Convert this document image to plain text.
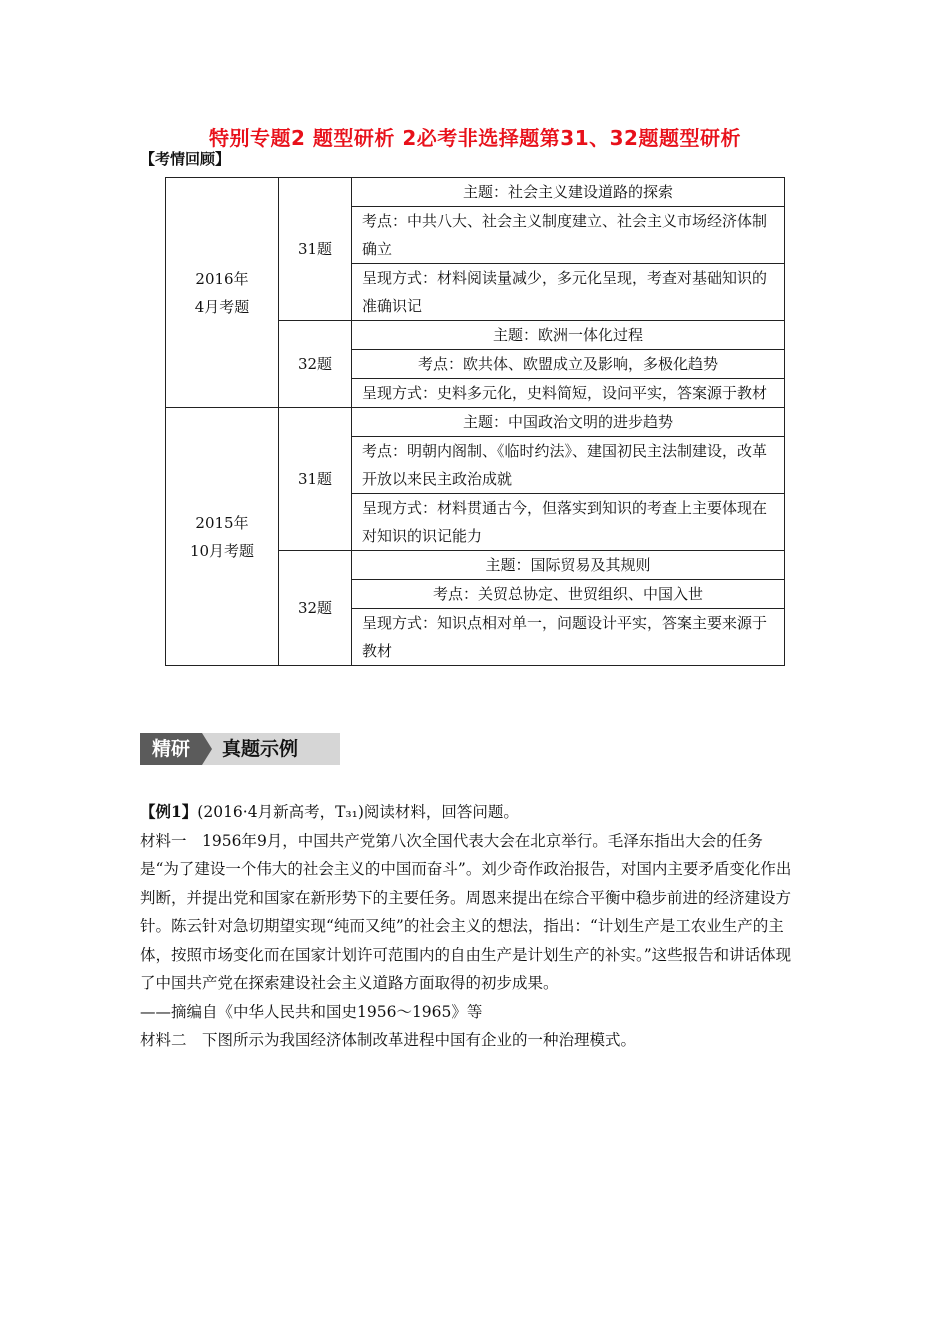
特别专题2 题型研析 2必考非选择题第31、32题题型研析
【考情回顾】
2016年
4月考题	31题	主题：社会主义建设道路的探索
		考点：中共八大、社会主义制度建立、社会主义市场经济体制确立
		呈现方式：材料阅读量减少，多元化呈现，考查对基础知识的准确识记
	32题	主题：欧洲一体化过程
		考点：欧共体、欧盟成立及影响，多极化趋势
		呈现方式：史料多元化，史料简短，设问平实，答案源于教材

2015年
10月考题	31题	主题：中国政治文明的进步趋势
		考点：明朝内阁制、《临时约法》、建国初民主法制建设，改革开放以来民主政治成就
		呈现方式：材料贯通古今，但落实到知识的考查上主要体现在对知识的识记能力
	32题	主题：国际贸易及其规则
		考点：关贸总协定、世贸组织、中国入世
		呈现方式：知识点相对单一，问题设计平实，答案主要来源于教材
精研	真题示例

【例1】(2016·4月新高考，T₃₁)阅读材料，回答问题。

材料一　1956年9月，中国共产党第八次全国代表大会在北京举行。毛泽东指出大会的任务是“为了建设一个伟大的社会主义的中国而奋斗”。刘少奇作政治报告，对国内主要矛盾变化作出判断，并提出党和国家在新形势下的主要任务。周恩来提出在综合平衡中稳步前进的经济建设方针。陈云针对急切期望实现“纯而又纯”的社会主义的想法，指出：“计划生产是工农业生产的主体，按照市场变化而在国家计划许可范围内的自由生产是计划生产的补实。”这些报告和讲话体现了中国共产党在探索建设社会主义道路方面取得的初步成果。

——摘编自《中华人民共和国史1956～1965》等

材料二　下图所示为我国经济体制改革进程中国有企业的一种治理模式。
